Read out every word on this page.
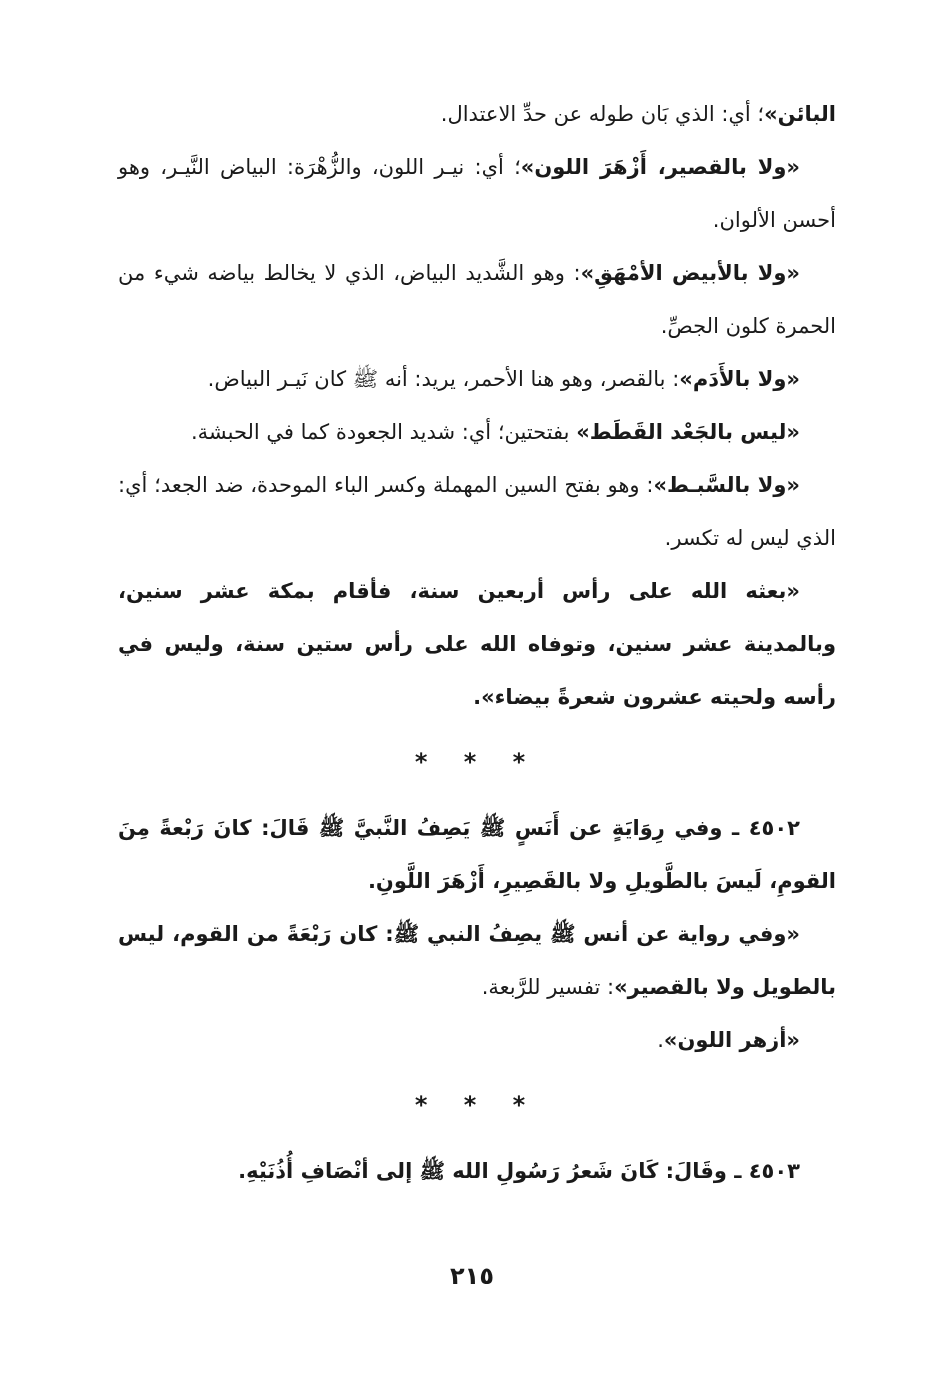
البائن»؛ أي: الذي بَان طوله عن حدِّ الاعتدال.

«ولا بالقصير، أَزْهَرَ اللون»؛ أي: نيـر اللون، والزُّهْرَة: البياض النَّيـر، وهو أحسن الألوان.

«ولا بالأبيض الأمْهَقِ»: وهو الشَّديد البياض، الذي لا يخالط بياضه شيء من الحمرة كلون الجصِّ.

«ولا بالأَدَم»: بالقصر، وهو هنا الأحمر، يريد: أنه ﷺ كان نَيـر البياض.

«ليس بالجَعْد القَطَط» بفتحتين؛ أي: شديد الجعودة كما في الحبشة.

«ولا بالسَّبـط»: وهو بفتح السين المهملة وكسر الباء الموحدة، ضد الجعد؛ أي: الذي ليس له تكسر.

«بعثه الله على رأس أربعين سنة، فأقام بمكة عشر سنين، وبالمدينة عشر سنين، وتوفاه الله على رأس ستين سنة، وليس في رأسه ولحيته عشرون شعرةً بيضاء».

* * *

٤٥٠٢ ـ وفي رِوَايَةٍ عن أَنَسٍ ﷺ يَصِفُ النَّبيَّ ﷺ قَالَ: كانَ رَبْعةً مِنَ القومِ، لَيسَ بالطَّويلِ ولا بالقَصِيرِ، أَزْهَرَ اللَّونِ.

«وفي رواية عن أنس ﷺ يصِفُ النبي ﷺ: كان رَبْعَةً من القوم، ليس بالطويل ولا بالقصير»: تفسير للرَّبعة.

«أزهر اللون».

* * *

٤٥٠٣ ـ وقَالَ: كَانَ شَعرُ رَسُولِ الله ﷺ إلى أنْصَافِ أُذُنَيْهِ.

٢١٥
